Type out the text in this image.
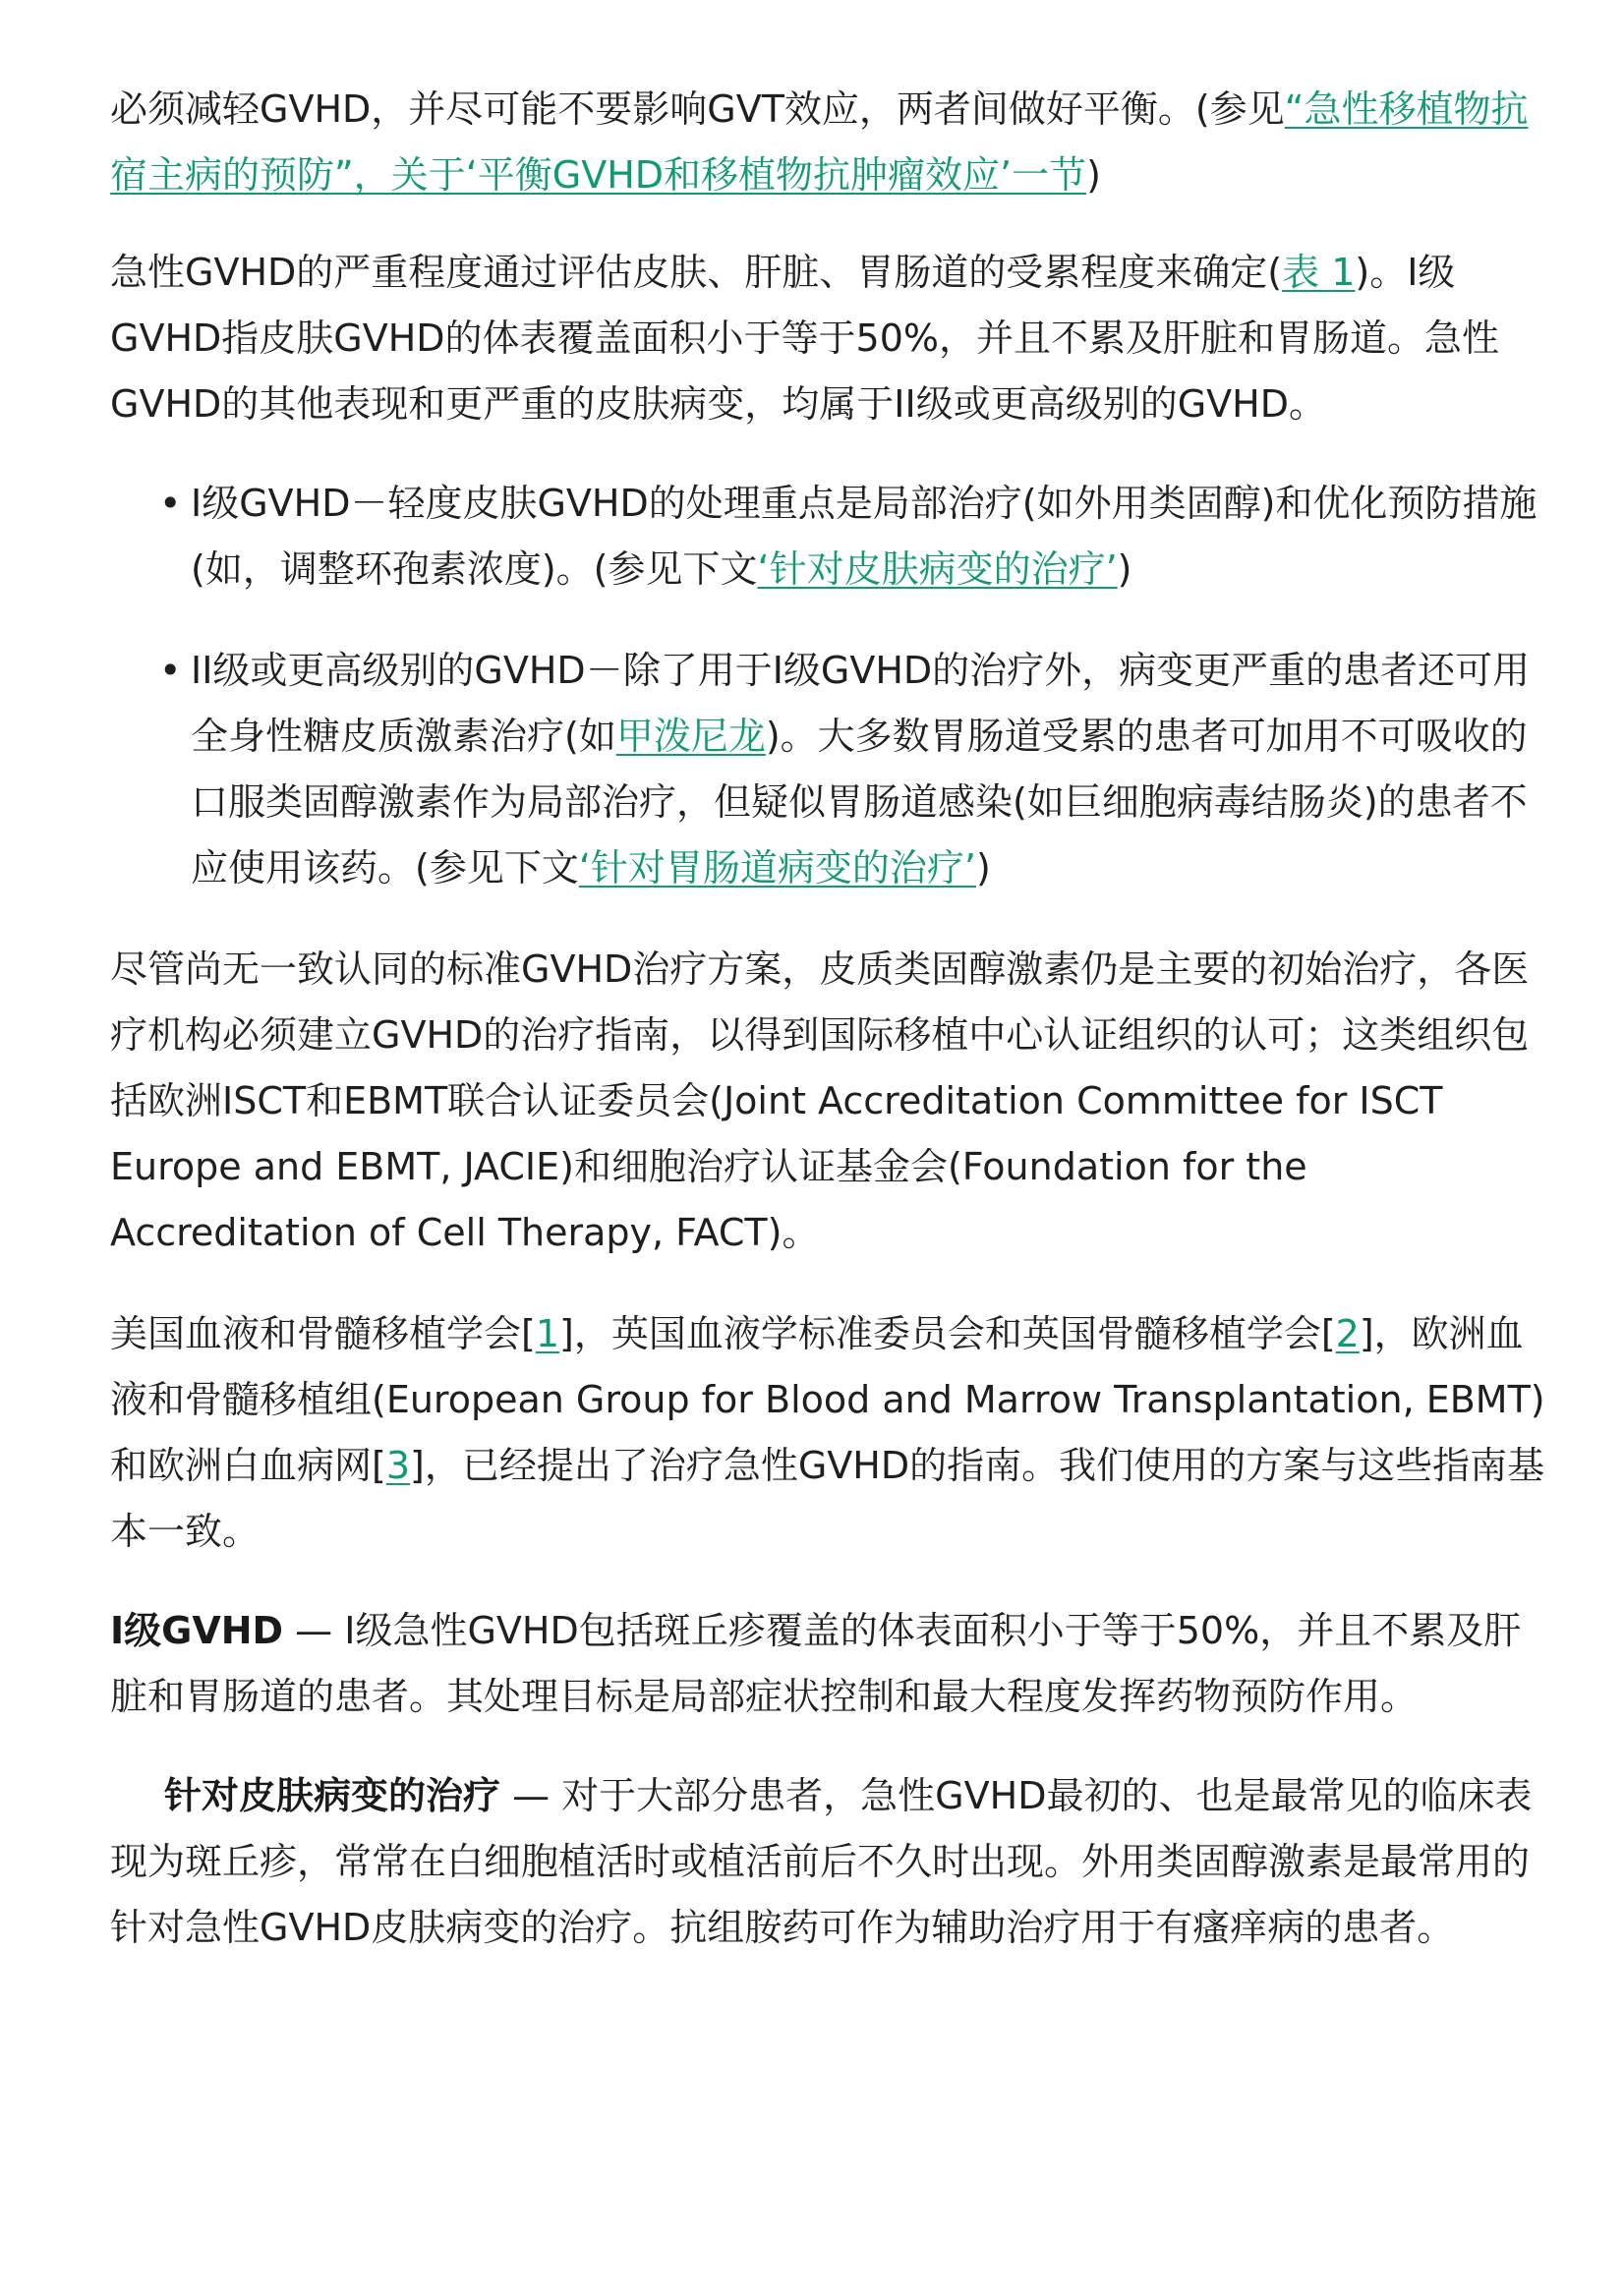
必须减轻GVHD，并尽可能不要影响GVT效应，两者间做好平衡。(参见“急性移植物抗宿主病的预防”，关于‘平衡GVHD和移植物抗肿瘤效应’一节)

急性GVHD的严重程度通过评估皮肤、肝脏、胃肠道的受累程度来确定(表 1)。I级GVHD指皮肤GVHD的体表覆盖面积小于等于50%，并且不累及肝脏和胃肠道。急性GVHD的其他表现和更严重的皮肤病变，均属于II级或更高级别的GVHD。

• I级GVHD－轻度皮肤GVHD的处理重点是局部治疗(如外用类固醇)和优化预防措施(如，调整环孢素浓度)。(参见下文‘针对皮肤病变的治疗’)
• II级或更高级别的GVHD－除了用于I级GVHD的治疗外，病变更严重的患者还可用全身性糖皮质激素治疗(如甲泼尼龙)。大多数胃肠道受累的患者可加用不可吸收的口服类固醇激素作为局部治疗，但疑似胃肠道感染(如巨细胞病毒结肠炎)的患者不应使用该药。(参见下文‘针对胃肠道病变的治疗’)

尽管尚无一致认同的标准GVHD治疗方案，皮质类固醇激素仍是主要的初始治疗，各医疗机构必须建立GVHD的治疗指南，以得到国际移植中心认证组织的认可；这类组织包括欧洲ISCT和EBMT联合认证委员会(Joint Accreditation Committee for ISCT Europe and EBMT, JACIE)和细胞治疗认证基金会(Foundation for the Accreditation of Cell Therapy, FACT)。

美国血液和骨髓移植学会[1]，英国血液学标准委员会和英国骨髓移植学会[2]，欧洲血液和骨髓移植组(European Group for Blood and Marrow Transplantation, EBMT)和欧洲白血病网[3]，已经提出了治疗急性GVHD的指南。我们使用的方案与这些指南基本一致。

I级GVHD — I级急性GVHD包括斑丘疹覆盖的体表面积小于等于50%，并且不累及肝脏和胃肠道的患者。其处理目标是局部症状控制和最大程度发挥药物预防作用。

针对皮肤病变的治疗 — 对于大部分患者，急性GVHD最初的、也是最常见的临床表现为斑丘疹，常常在白细胞植活时或植活前后不久时出现。外用类固醇激素是最常用的针对急性GVHD皮肤病变的治疗。抗组胺药可作为辅助治疗用于有瘙痒病的患者。
